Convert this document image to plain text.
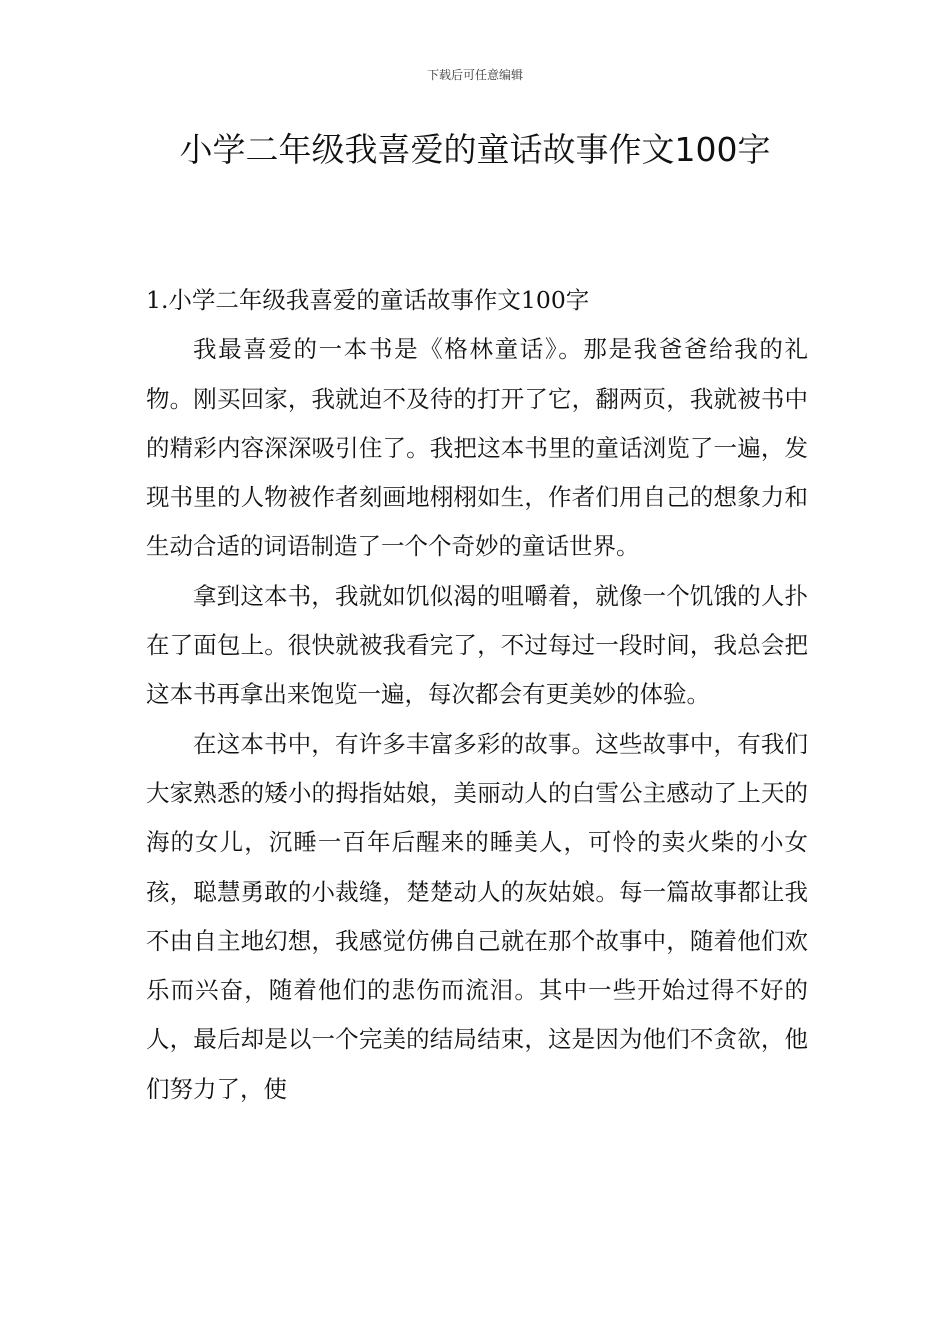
下载后可任意编辑
小学二年级我喜爱的童话故事作文100字

1.小学二年级我喜爱的童话故事作文100字

我最喜爱的一本书是《格林童话》。那是我爸爸给我的礼物。刚买回家，我就迫不及待的打开了它，翻两页，我就被书中的精彩内容深深吸引住了。我把这本书里的童话浏览了一遍，发现书里的人物被作者刻画地栩栩如生，作者们用自己的想象力和生动合适的词语制造了一个个奇妙的童话世界。

拿到这本书，我就如饥似渴的咀嚼着，就像一个饥饿的人扑在了面包上。很快就被我看完了，不过每过一段时间，我总会把这本书再拿出来饱览一遍，每次都会有更美妙的体验。

在这本书中，有许多丰富多彩的故事。这些故事中，有我们大家熟悉的矮小的拇指姑娘，美丽动人的白雪公主感动了上天的海的女儿，沉睡一百年后醒来的睡美人，可怜的卖火柴的小女孩，聪慧勇敢的小裁缝，楚楚动人的灰姑娘。每一篇故事都让我不由自主地幻想，我感觉仿佛自己就在那个故事中，随着他们欢乐而兴奋，随着他们的悲伤而流泪。其中一些开始过得不好的人，最后却是以一个完美的结局结束，这是因为他们不贪欲，他们努力了，使
